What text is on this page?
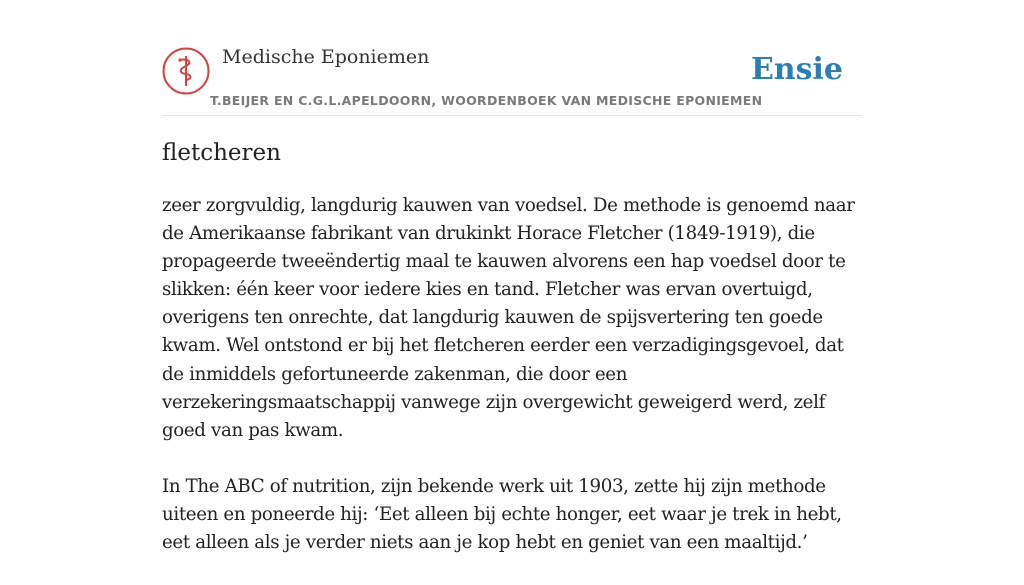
Medische Eponiemen
T.BEIJER EN C.G.L.APELDOORN, WOORDENBOEK VAN MEDISCHE EPONIEMEN
Ensie
fletcheren

zeer zorgvuldig, langdurig kauwen van voedsel. De methode is genoemd naar de Amerikaanse fabrikant van drukinkt Horace Fletcher (1849-1919), die propageerde tweeëndertig maal te kauwen alvorens een hap voedsel door te slikken: één keer voor iedere kies en tand. Fletcher was ervan overtuigd, overigens ten onrechte, dat langdurig kauwen de spijsvertering ten goede kwam. Wel ontstond er bij het fletcheren eerder een verzadigingsgevoel, dat de inmiddels gefortuneerde zakenman, die door een verzekeringsmaatschappij vanwege zijn overgewicht geweigerd werd, zelf goed van pas kwam.

In The ABC of nutrition, zijn bekende werk uit 1903, zette hij zijn methode uiteen en poneerde hij: ‘Eet alleen bij echte honger, eet waar je trek in hebt, eet alleen als je verder niets aan je kop hebt en geniet van een maaltijd.’
